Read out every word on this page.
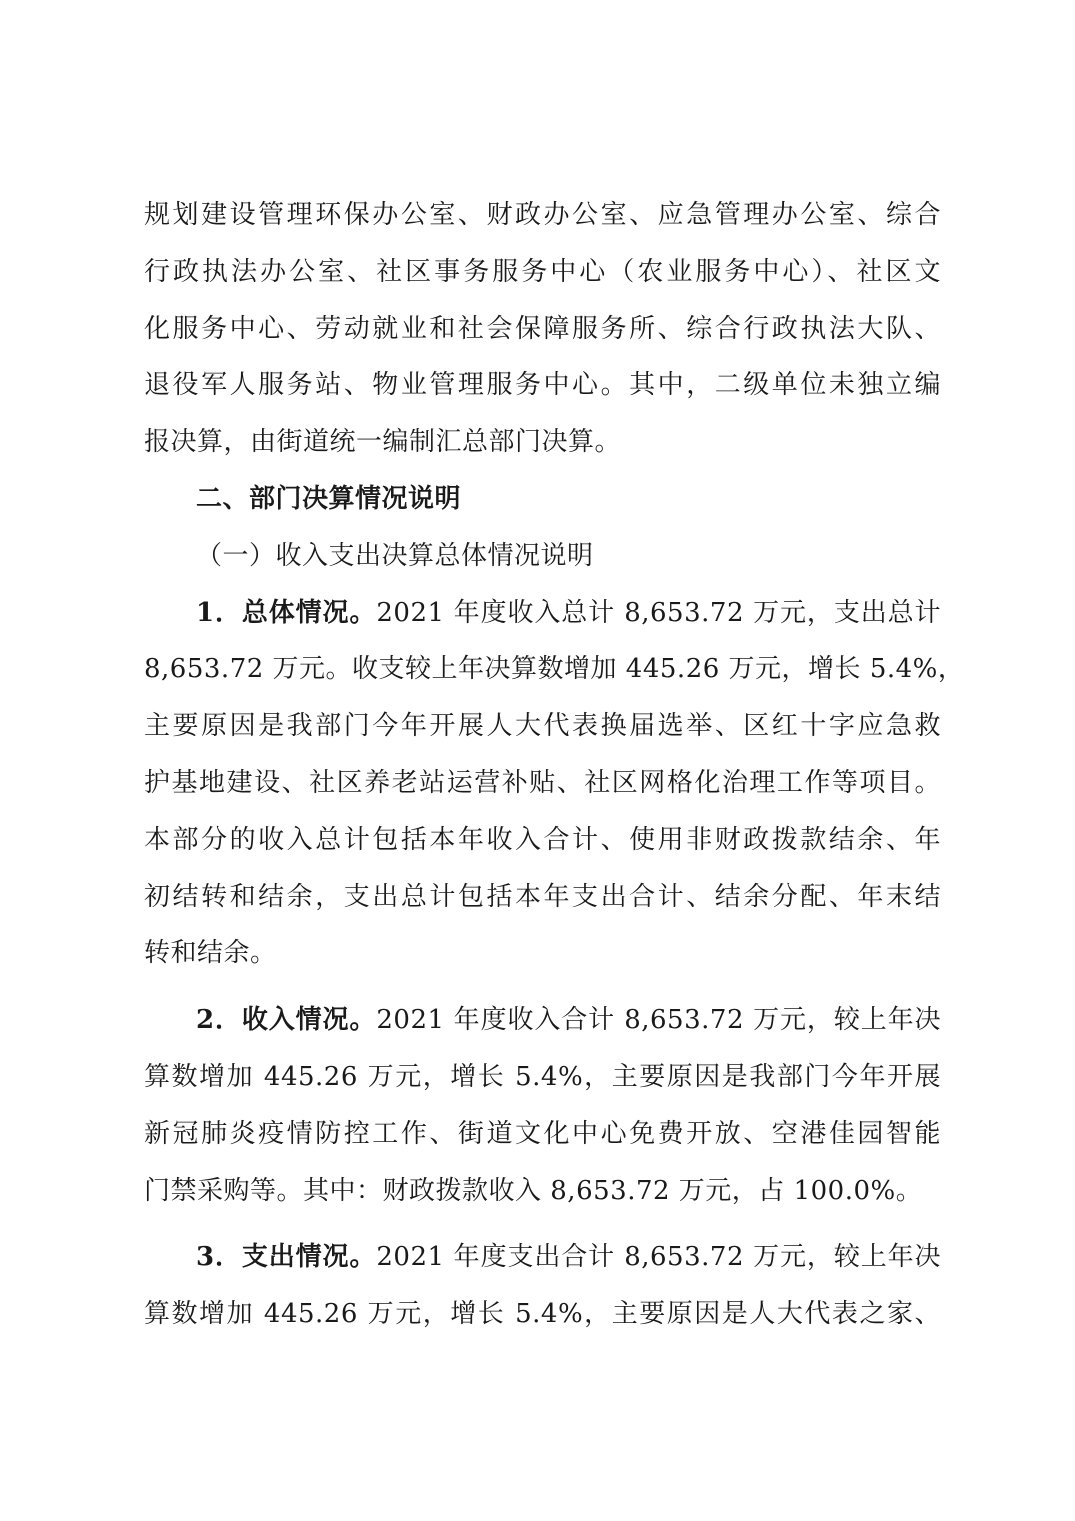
规划建设管理环保办公室、财政办公室、应急管理办公室、综合
行政执法办公室、社区事务服务中心（农业服务中心）、社区文
化服务中心、劳动就业和社会保障服务所、综合行政执法大队、
退役军人服务站、物业管理服务中心。其中，二级单位未独立编
报决算，由街道统一编制汇总部门决算。
二、部门决算情况说明
（一）收入支出决算总体情况说明
1．总体情况。2021 年度收入总计 8,653.72 万元，支出总计
8,653.72 万元。收支较上年决算数增加 445.26 万元，增长 5.4%，
主要原因是我部门今年开展人大代表换届选举、区红十字应急救
护基地建设、社区养老站运营补贴、社区网格化治理工作等项目。
本部分的收入总计包括本年收入合计、使用非财政拨款结余、年
初结转和结余，支出总计包括本年支出合计、结余分配、年末结
转和结余。
2．收入情况。2021 年度收入合计 8,653.72 万元，较上年决
算数增加 445.26 万元，增长 5.4%，主要原因是我部门今年开展
新冠肺炎疫情防控工作、街道文化中心免费开放、空港佳园智能
门禁采购等。其中：财政拨款收入 8,653.72 万元，占 100.0%。
3．支出情况。2021 年度支出合计 8,653.72 万元，较上年决
算数增加 445.26 万元，增长 5.4%，主要原因是人大代表之家、
